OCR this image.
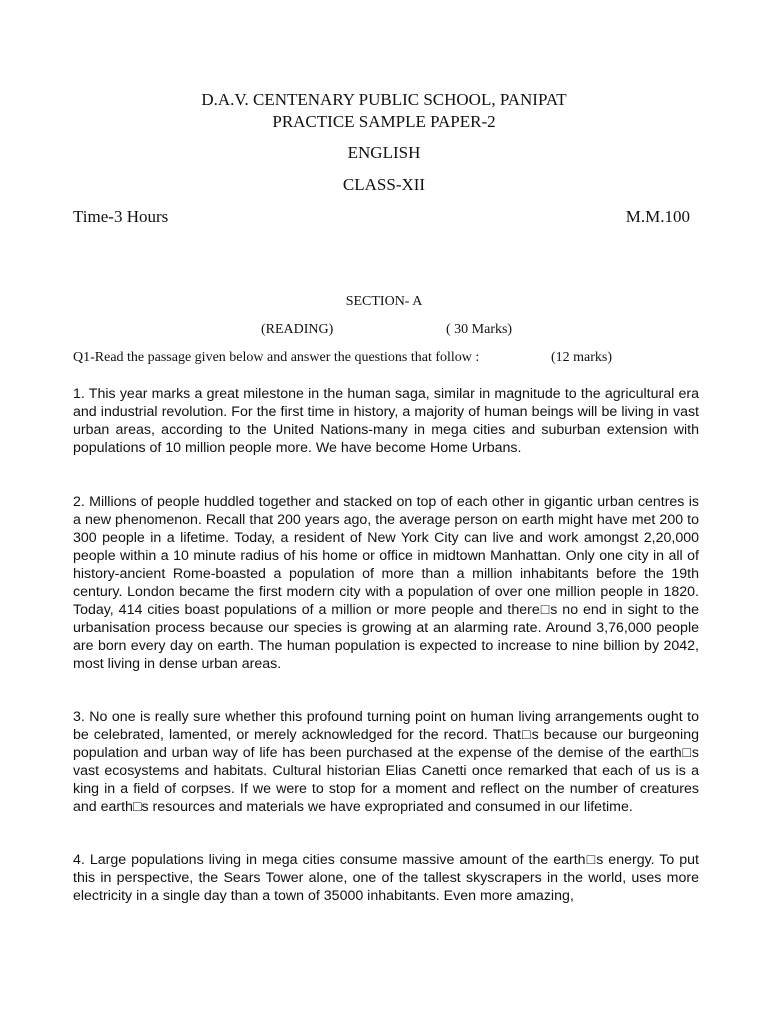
D.A.V. CENTENARY PUBLIC SCHOOL, PANIPAT
PRACTICE SAMPLE PAPER-2
ENGLISH
CLASS-XII
Time-3 Hours	M.M.100
SECTION- A
(READING)	( 30 Marks)
Q1-Read the passage given below and answer the questions that follow :	(12 marks)

1. This year marks a great milestone in the human saga, similar in magnitude to the agricultural era and industrial revolution. For the first time in history, a majority of human beings will be living in vast urban areas, according to the United Nations-many in mega cities and suburban extension with populations of 10 million people more. We have become Home Urbans.

2. Millions of people huddled together and stacked on top of each other in gigantic urban centres is a new phenomenon. Recall that 200 years ago, the average person on earth might have met 200 to 300 people in a lifetime. Today, a resident of New York City can live and work amongst 2,20,000 people within a 10 minute radius of his home or office in midtown Manhattan. Only one city in all of history-ancient Rome-boasted a population of more than a million inhabitants before the 19th century. London became the first modern city with a population of over one million people in 1820. Today, 414 cities boast populations of a million or more people and there□s no end in sight to the urbanisation process because our species is growing at an alarming rate. Around 3,76,000 people are born every day on earth. The human population is expected to increase to nine billion by 2042, most living in dense urban areas.

3. No one is really sure whether this profound turning point on human living arrangements ought to be celebrated, lamented, or merely acknowledged for the record. That□s because our burgeoning population and urban way of life has been purchased at the expense of the demise of the earth□s vast ecosystems and habitats. Cultural historian Elias Canetti once remarked that each of us is a king in a field of corpses. If we were to stop for a moment and reflect on the number of creatures and earth□s resources and materials we have expropriated and consumed in our lifetime.

4. Large populations living in mega cities consume massive amount of the earth□s energy. To put this in perspective, the Sears Tower alone, one of the tallest skyscrapers in the world, uses more electricity in a single day than a town of 35000 inhabitants. Even more amazing,
